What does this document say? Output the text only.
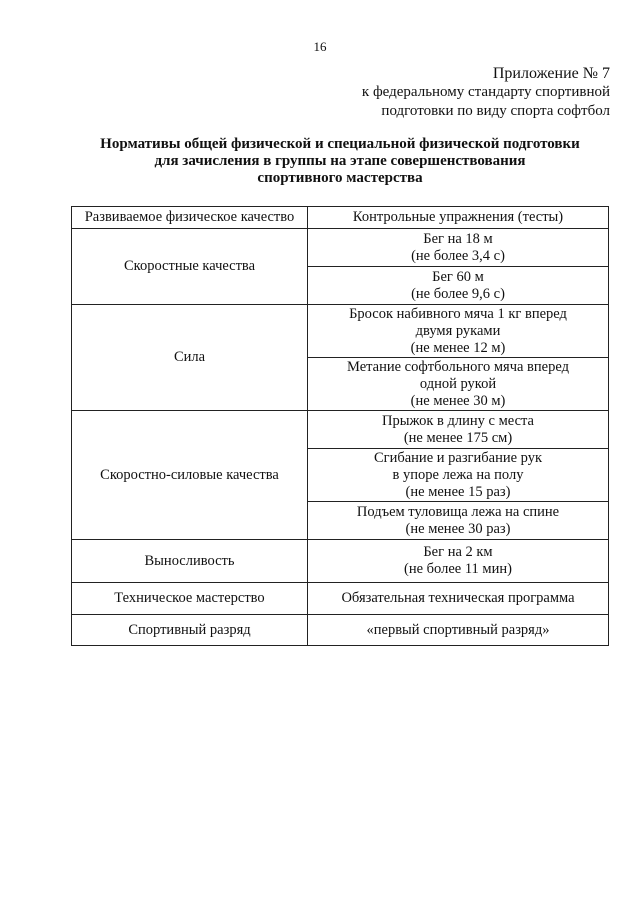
16
Приложение № 7
к федеральному стандарту спортивной
подготовки по виду спорта софтбол
Нормативы общей физической и специальной физической подготовки
для зачисления в группы на этапе совершенствования
спортивного мастерства
Развиваемое физическое качество	Контрольные упражнения (тесты)
Скоростные качества	Бег на 18 м
(не более 3,4 с)

	Бег 60 м
(не более 9,6 с)

Сила	Бросок набивного мяча 1 кг вперед
двумя руками
(не менее 12 м)

	Метание софтбольного мяча вперед
одной рукой
(не менее 30 м)

Скоростно-силовые качества	Прыжок в длину с места
(не менее 175 см)

	Сгибание и разгибание рук
в упоре лежа на полу
(не менее 15 раз)

	Подъем туловища лежа на спине
(не менее 30 раз)

Выносливость	Бег на 2 км
(не более 11 мин)

Техническое мастерство	Обязательная техническая программа

Спортивный разряд	«первый спортивный разряд»
